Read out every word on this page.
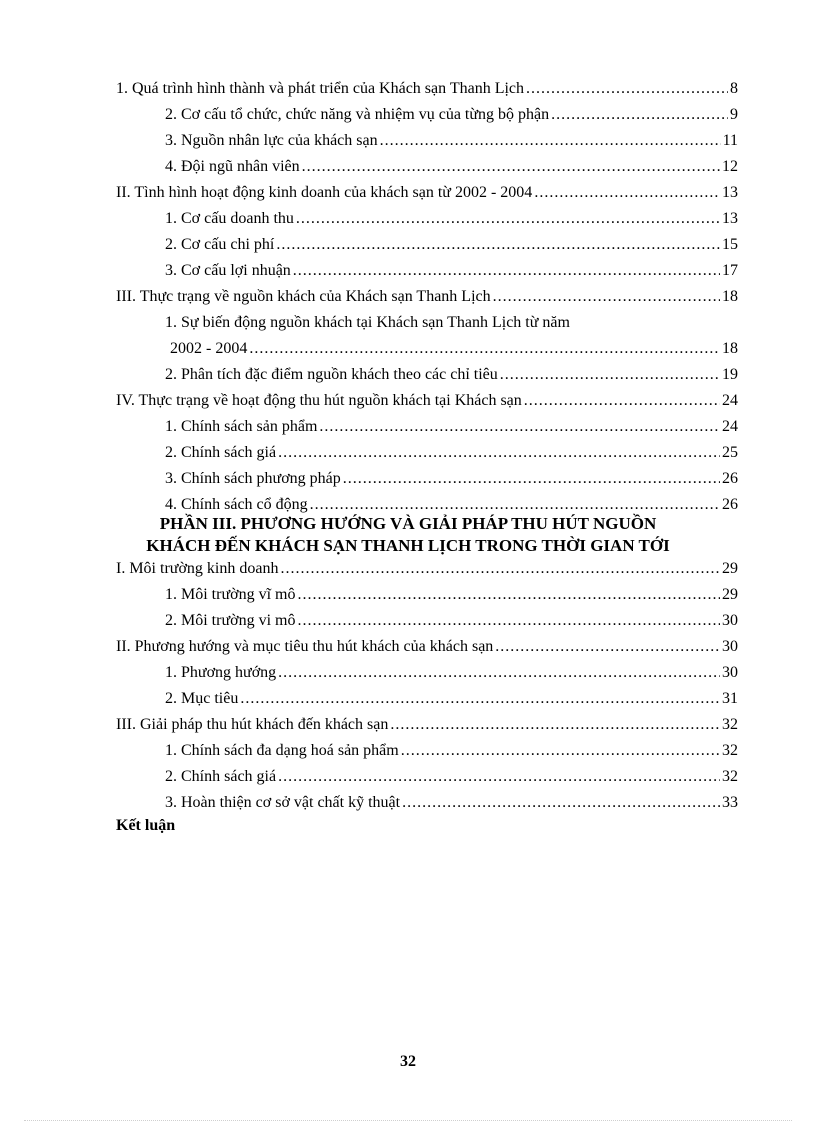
1. Quá trình hình thành và phát triển của Khách sạn Thanh Lịch .....	8
2. Cơ cấu tổ chức, chức năng và nhiệm vụ của từng bộ phận .....	9
3. Nguồn nhân lực của khách sạn .....	11
4. Đội ngũ nhân viên .....	12
II. Tình hình hoạt động kinh doanh của khách sạn từ 2002 - 2004 .....	13
1. Cơ cấu doanh thu .....	13
2. Cơ cấu chi phí .....	15
3. Cơ cấu lợi nhuận .....	17
III. Thực trạng về nguồn khách của Khách sạn Thanh Lịch .....	18
1. Sự biến động nguồn khách tại Khách sạn Thanh Lịch từ năm
2002 - 2004 .....	18
2. Phân tích đặc điểm nguồn khách theo các chỉ tiêu .....	19
IV. Thực trạng về hoạt động thu hút nguồn khách tại Khách sạn .....	24
1. Chính sách sản phẩm .....	24
2. Chính sách giá .....	25
3. Chính sách phương pháp .....	26
4. Chính sách cổ động .....	26
PHẦN III. PHƯƠNG HƯỚNG VÀ GIẢI PHÁP THU HÚT NGUỒN
KHÁCH ĐẾN KHÁCH SẠN THANH LỊCH TRONG THỜI GIAN TỚI
I. Môi trường kinh doanh .....	29
1. Môi trường vĩ mô .....	29
2. Môi trường vi mô .....	30
II. Phương hướng và mục tiêu thu hút khách của khách sạn .....	30
1. Phương hướng .....	30
2. Mục tiêu .....	31
III. Giải pháp thu hút khách đến khách sạn .....	32
1. Chính sách đa dạng hoá sản phẩm .....	32
2. Chính sách giá .....	32
3. Hoàn thiện cơ sở vật chất kỹ thuật .....	33
Kết luận
32
